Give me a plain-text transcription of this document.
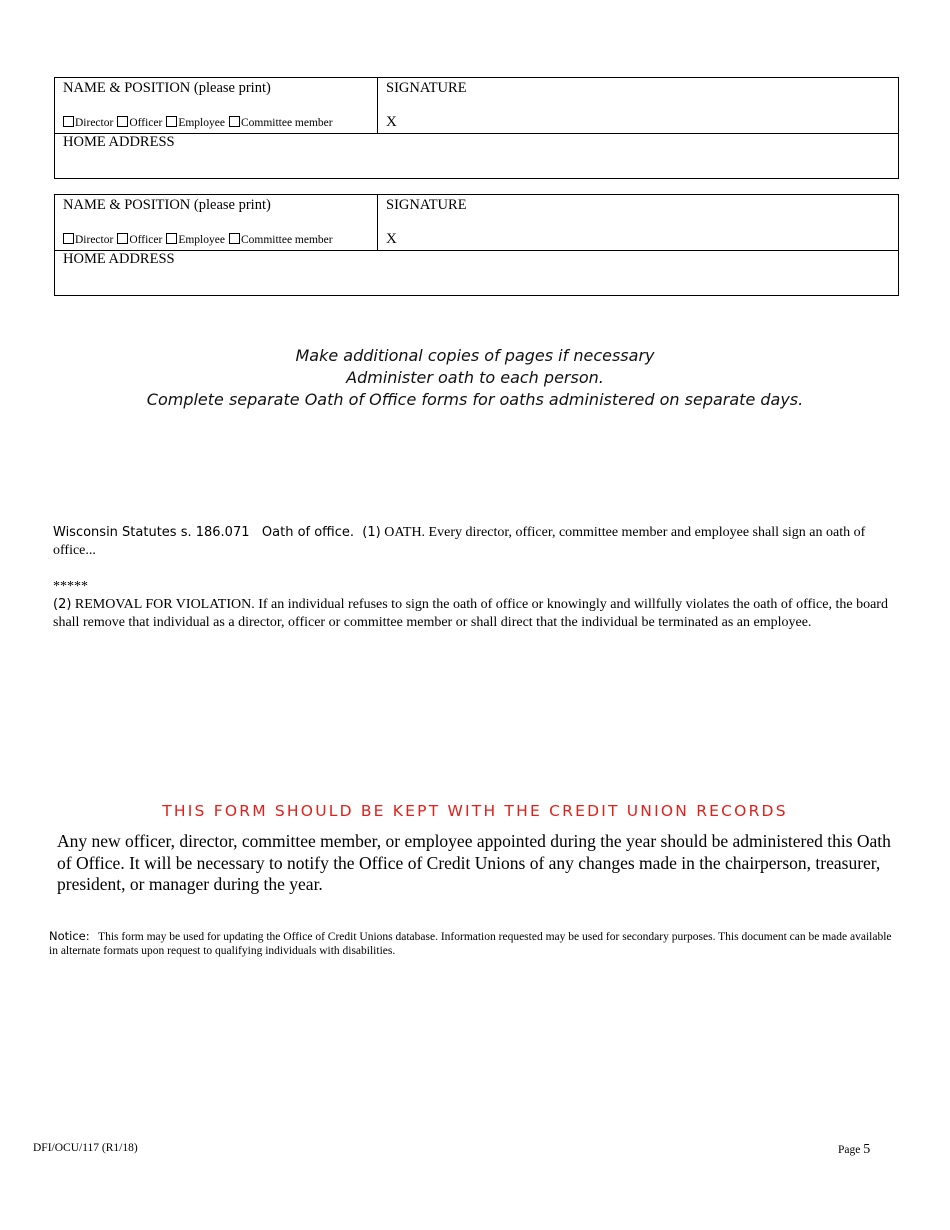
NAME & POSITION (please print)
Director Officer Employee Committee member
SIGNATURE
X
HOME ADDRESS
NAME & POSITION (please print)
Director Officer Employee Committee member
SIGNATURE
X
HOME ADDRESS
Make additional copies of pages if necessary
Administer oath to each person.
Complete separate Oath of Office forms for oaths administered on separate days.
Wisconsin Statutes s. 186.071   Oath of office.  (1) OATH. Every director, officer, committee member and employee shall sign an oath of office...
*****
(2) REMOVAL FOR VIOLATION. If an individual refuses to sign the oath of office or knowingly and willfully violates the oath of office, the board shall remove that individual as a director, officer or committee member or shall direct that the individual be terminated as an employee.
THIS FORM SHOULD BE KEPT WITH THE CREDIT UNION RECORDS
Any new officer, director, committee member, or employee appointed during the year should be administered this Oath of Office. It will be necessary to notify the Office of Credit Unions of any changes made in the chairperson, treasurer, president, or manager during the year.
Notice: This form may be used for updating the Office of Credit Unions database. Information requested may be used for secondary purposes. This document can be made available in alternate formats upon request to qualifying individuals with disabilities.
DFI/OCU/117 (R1/18)	Page 5
